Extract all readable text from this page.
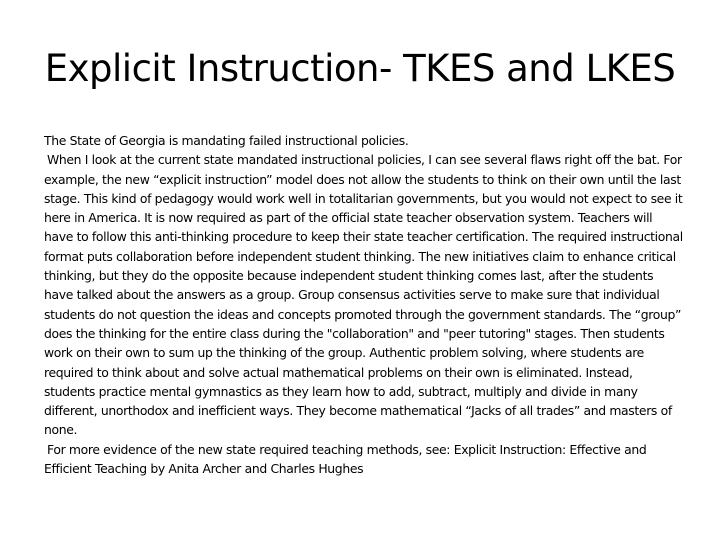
Explicit Instruction- TKES and LKES

The State of Georgia is mandating failed instructional policies.

When I look at the current state mandated instructional policies, I can see several flaws right off the bat. For example, the new “explicit instruction” model does not allow the students to think on their own until the last stage. This kind of pedagogy would work well in totalitarian governments, but you would not expect to see it here in America. It is now required as part of the official state teacher observation system. Teachers will have to follow this anti-thinking procedure to keep their state teacher certification. The required instructional format puts collaboration before independent student thinking. The new initiatives claim to enhance critical thinking, but they do the opposite because independent student thinking comes last, after the students have talked about the answers as a group. Group consensus activities serve to make sure that individual students do not question the ideas and concepts promoted through the government standards. The “group” does the thinking for the entire class during the "collaboration" and "peer tutoring" stages. Then students work on their own to sum up the thinking of the group. Authentic problem solving, where students are required to think about and solve actual mathematical problems on their own is eliminated. Instead, students practice mental gymnastics as they learn how to add, subtract, multiply and divide in many different, unorthodox and inefficient ways. They become mathematical “Jacks of all trades” and masters of none.

For more evidence of the new state required teaching methods, see: Explicit Instruction: Effective and Efficient Teaching by Anita Archer and Charles Hughes
